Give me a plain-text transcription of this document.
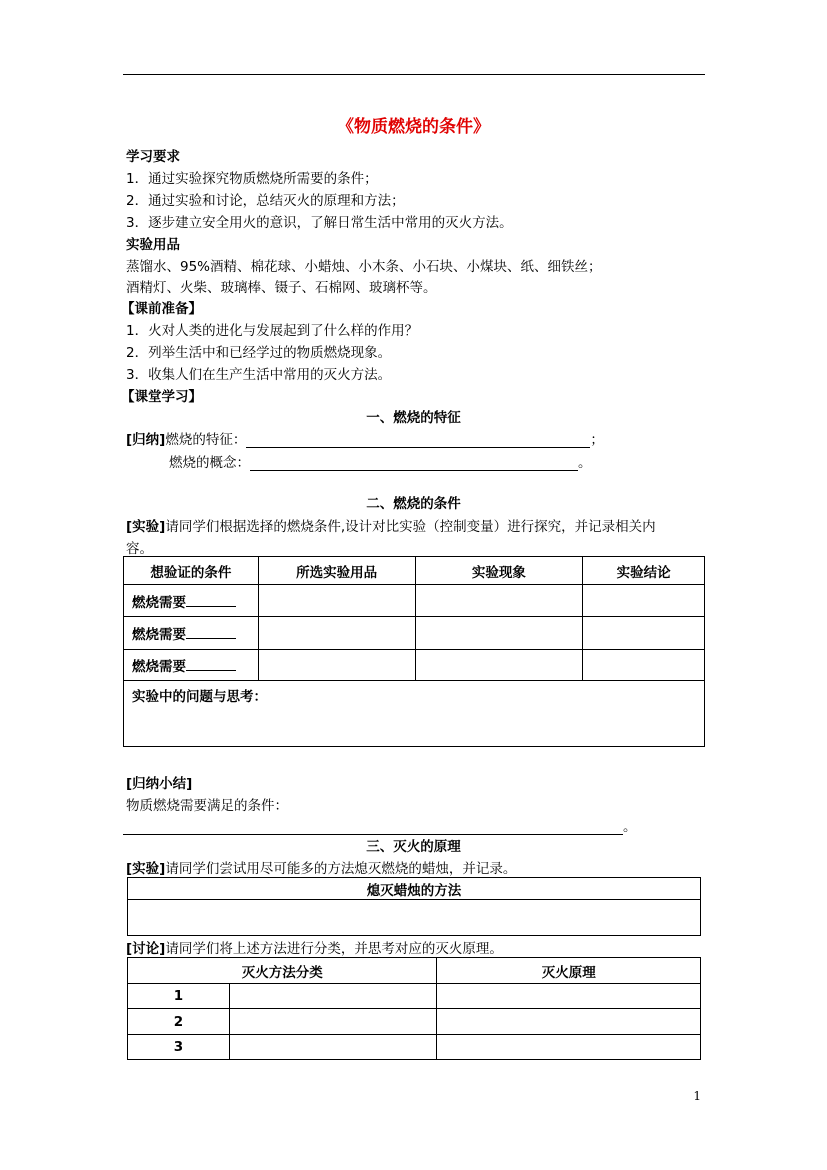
《物质燃烧的条件》
学习要求
1．通过实验探究物质燃烧所需要的条件；
2．通过实验和讨论，总结灭火的原理和方法；
3．逐步建立安全用火的意识，了解日常生活中常用的灭火方法。
实验用品
蒸馏水、95%酒精、棉花球、小蜡烛、小木条、小石块、小煤块、纸、细铁丝；
酒精灯、火柴、玻璃棒、镊子、石棉网、玻璃杯等。
【课前准备】
1．火对人类的进化与发展起到了什么样的作用？
2．列举生活中和已经学过的物质燃烧现象。
3．收集人们在生产生活中常用的灭火方法。
【课堂学习】
一、燃烧的特征
[归纳]燃烧的特征：	；
燃烧的概念：	。
二、燃烧的条件
[实验]请同学们根据选择的燃烧条件,设计对比实验（控制变量）进行探究，并记录相关内
容。
想验证的条件	所选实验用品	实验现象	实验结论
燃烧需要			
燃烧需要			
燃烧需要			
实验中的问题与思考：			
[归纳小结]
物质燃烧需要满足的条件：
。
三、灭火的原理
[实验]请同学们尝试用尽可能多的方法熄灭燃烧的蜡烛，并记录。
熄灭蜡烛的方法

[讨论]请同学们将上述方法进行分类，并思考对应的灭火原理。
灭火方法分类		灭火原理
1		
2		
3		
1
